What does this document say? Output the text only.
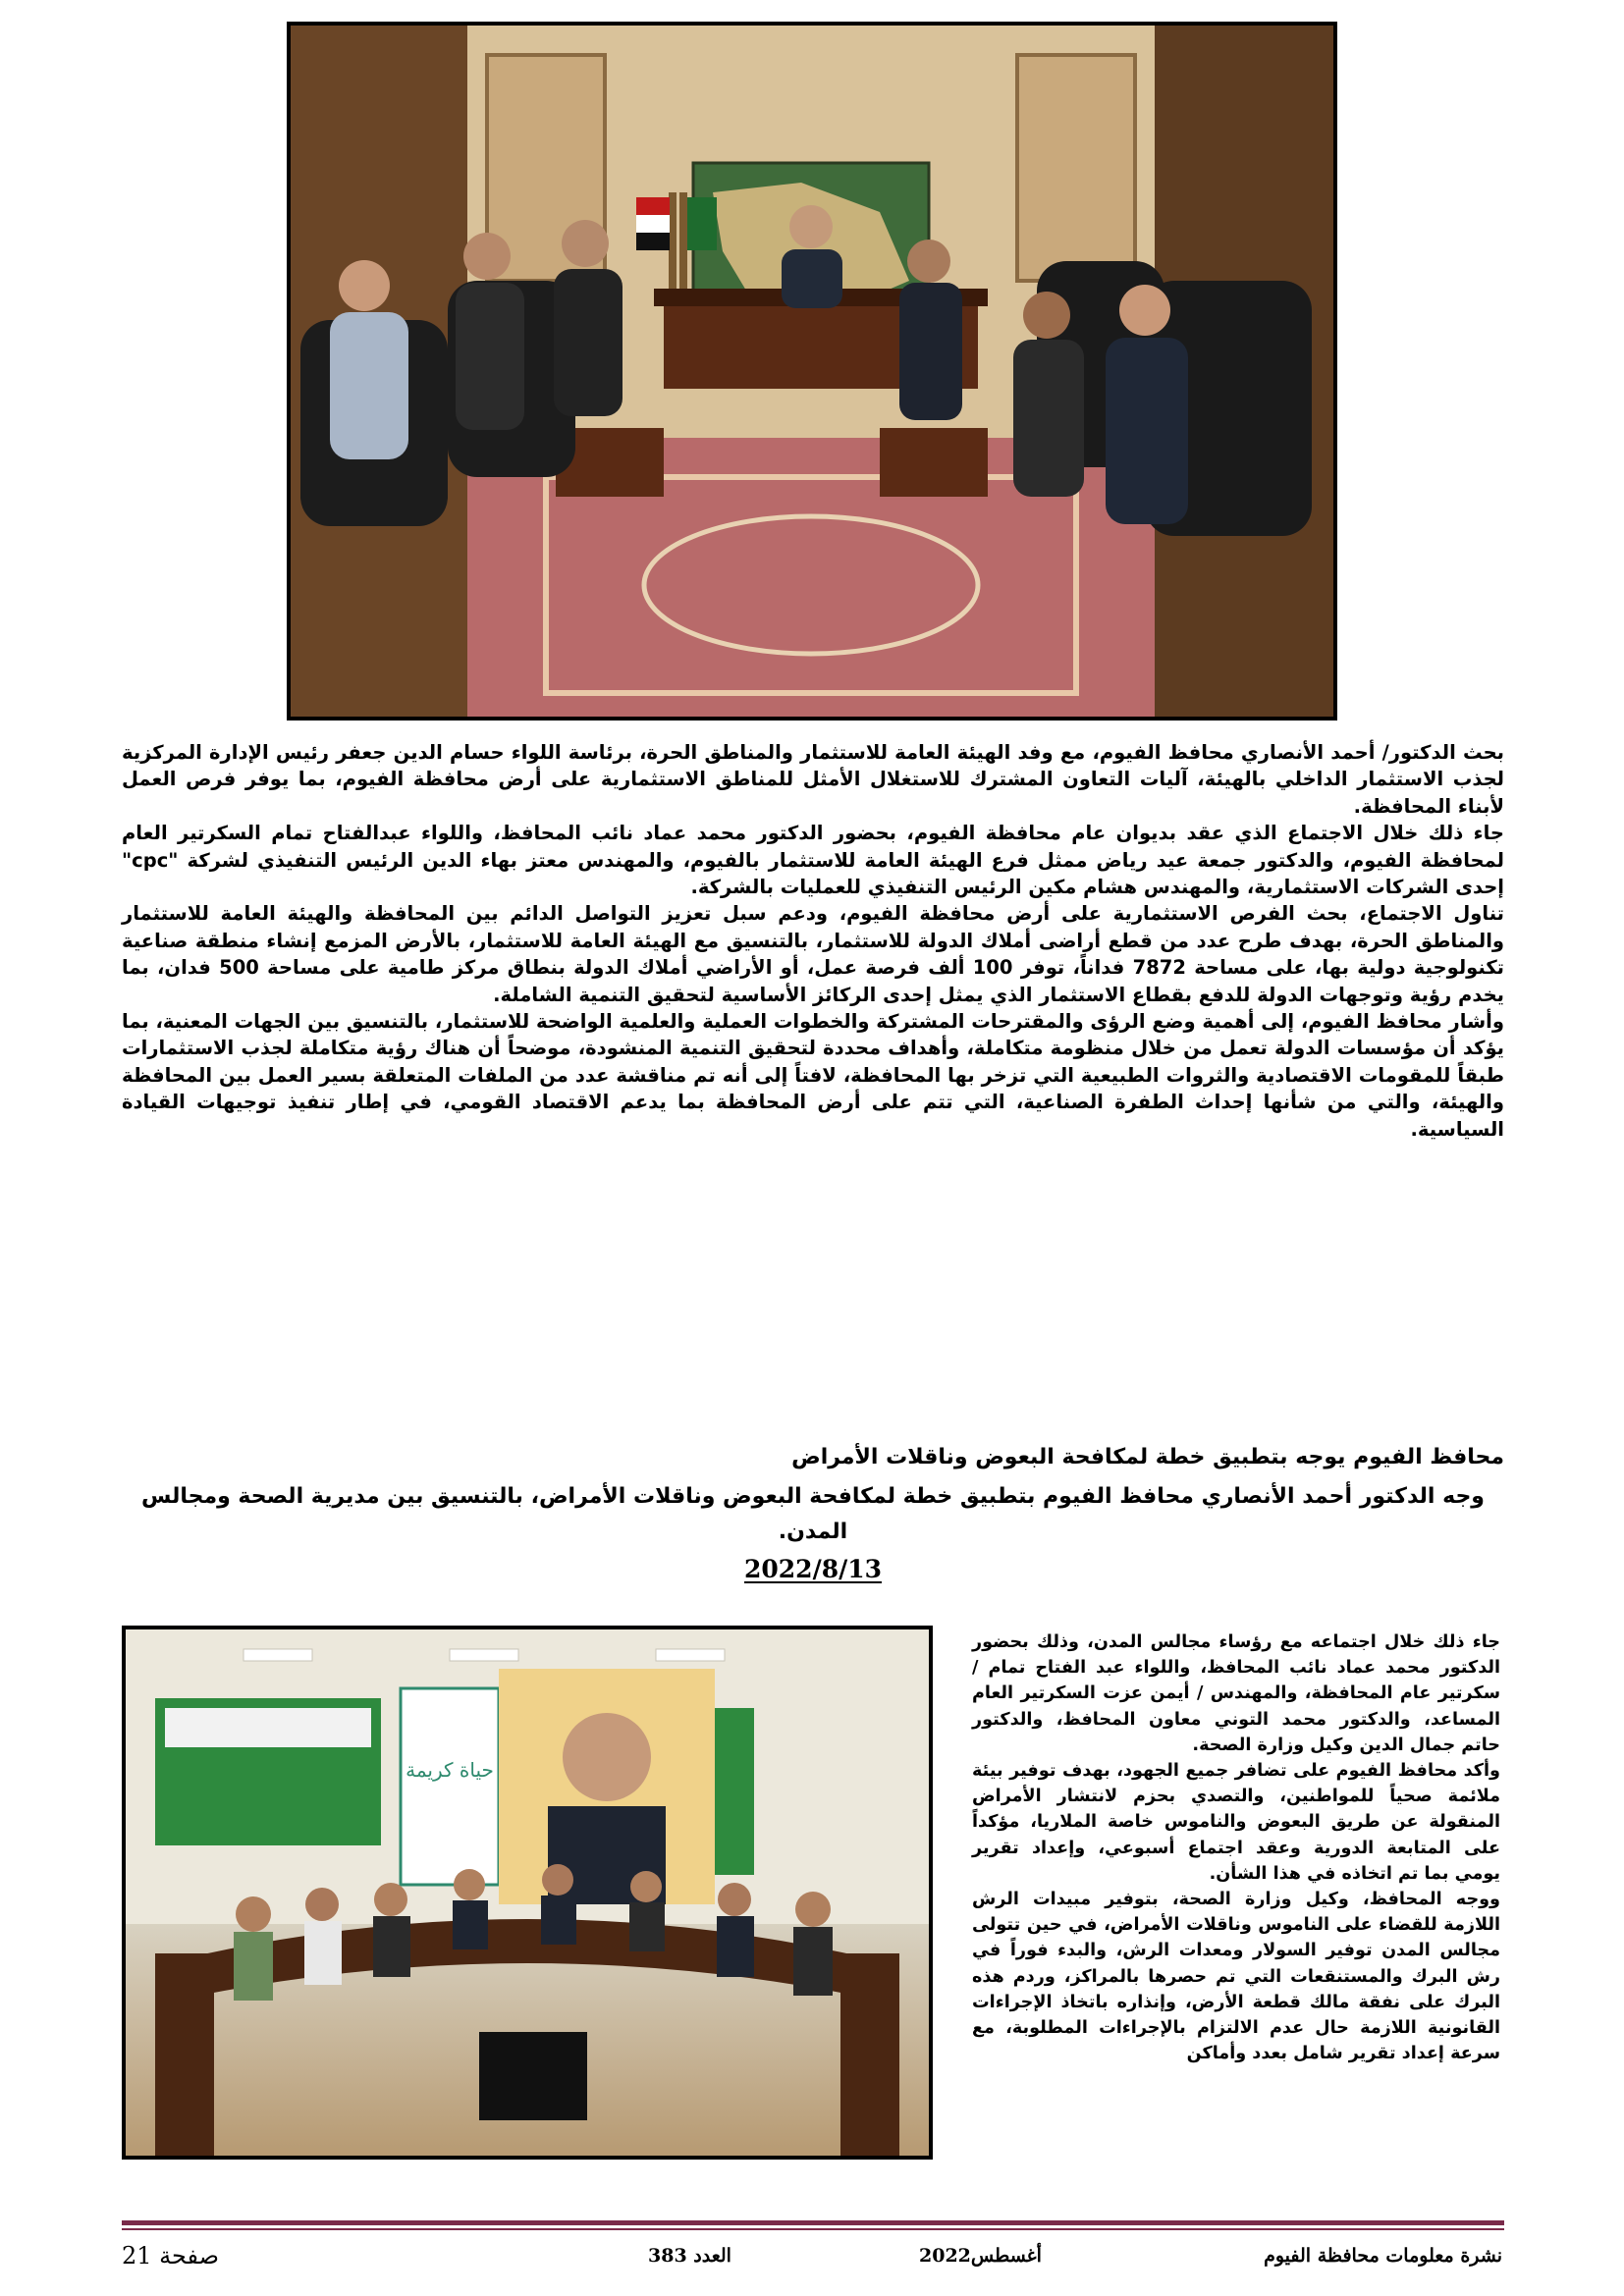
بحث الدكتور/ أحمد الأنصاري محافظ الفيوم، مع وفد الهيئة العامة للاستثمار والمناطق الحرة، برئاسة اللواء حسام الدين جعفر رئيس الإدارة المركزية لجذب الاستثمار الداخلي بالهيئة، آليات التعاون المشترك للاستغلال الأمثل للمناطق الاستثمارية على أرض محافظة الفيوم، بما يوفر فرص العمل لأبناء المحافظة.

جاء ذلك خلال الاجتماع الذي عقد بديوان عام محافظة الفيوم، بحضور الدكتور محمد عماد نائب المحافظ، واللواء عبدالفتاح تمام السكرتير العام لمحافظة الفيوم، والدكتور جمعة عيد رياض ممثل فرع الهيئة العامة للاستثمار بالفيوم، والمهندس معتز بهاء الدين الرئيس التنفيذي لشركة "cpc" إحدى الشركات الاستثمارية، والمهندس هشام مكين الرئيس التنفيذي للعمليات بالشركة.

تناول الاجتماع، بحث الفرص الاستثمارية على أرض محافظة الفيوم، ودعم سبل تعزيز التواصل الدائم بين المحافظة والهيئة العامة للاستثمار والمناطق الحرة، بهدف طرح عدد من قطع أراضى أملاك الدولة للاستثمار، بالتنسيق مع الهيئة العامة للاستثمار، بالأرض المزمع إنشاء منطقة صناعية تكنولوجية دولية بها، على مساحة 7872 فداناً، توفر 100 ألف فرصة عمل، أو الأراضي أملاك الدولة بنطاق مركز طامية على مساحة 500 فدان، بما يخدم رؤية وتوجهات الدولة للدفع بقطاع الاستثمار الذي يمثل إحدى الركائز الأساسية لتحقيق التنمية الشاملة.

وأشار محافظ الفيوم، إلى أهمية وضع الرؤى والمقترحات المشتركة والخطوات العملية والعلمية الواضحة للاستثمار، بالتنسيق بين الجهات المعنية، بما يؤكد أن مؤسسات الدولة تعمل من خلال منظومة متكاملة، وأهداف محددة لتحقيق التنمية المنشودة، موضحاً أن هناك رؤية متكاملة لجذب الاستثمارات طبقاً للمقومات الاقتصادية والثروات الطبيعية التي تزخر بها المحافظة، لافتاً إلى أنه تم مناقشة عدد من الملفات المتعلقة بسير العمل بين المحافظة والهيئة، والتي من شأنها إحداث الطفرة الصناعية، التي تتم على أرض المحافظة بما يدعم الاقتصاد القومي، في إطار تنفيذ توجيهات القيادة السياسية.

محافظ الفيوم يوجه بتطبيق خطة لمكافحة البعوض وناقلات الأمراض
وجه الدكتور أحمد الأنصاري محافظ الفيوم بتطبيق خطة لمكافحة البعوض وناقلات الأمراض، بالتنسيق بين مديرية الصحة ومجالس
المدن.
2022/8/13
حياة كريمة

جاء ذلك خلال اجتماعه مع رؤساء مجالس المدن، وذلك بحضور الدكتور محمد عماد نائب المحافظ، واللواء عبد الفتاح تمام / سكرتير عام المحافظة، والمهندس / أيمن عزت السكرتير العام المساعد، والدكتور محمد التوني معاون المحافظ، والدكتور حاتم جمال الدين وكيل وزارة الصحة.

وأكد محافظ الفيوم على تضافر جميع الجهود، بهدف توفير بيئة ملائمة صحياً للمواطنين، والتصدي بحزم لانتشار الأمراض المنقولة عن طريق البعوض والناموس خاصة الملاريا، مؤكداً على المتابعة الدورية وعقد اجتماع أسبوعي، وإعداد تقرير يومي بما تم اتخاذه في هذا الشأن.

ووجه المحافظ، وكيل وزارة الصحة، بتوفير مبيدات الرش اللازمة للقضاء على الناموس وناقلات الأمراض، في حين تتولى مجالس المدن توفير السولار ومعدات الرش، والبدء فوراً في رش البرك والمستنقعات التي تم حصرها بالمراكز، وردم هذه البرك على نفقة مالك قطعة الأرض، وإنذاره باتخاذ الإجراءات القانونية اللازمة حال عدم الالتزام بالإجراءات المطلوبة، مع سرعة إعداد تقرير شامل بعدد وأماكن

نشرة معلومات محافظة الفيوم
أغسطس2022
العدد 383
صفحة 21
